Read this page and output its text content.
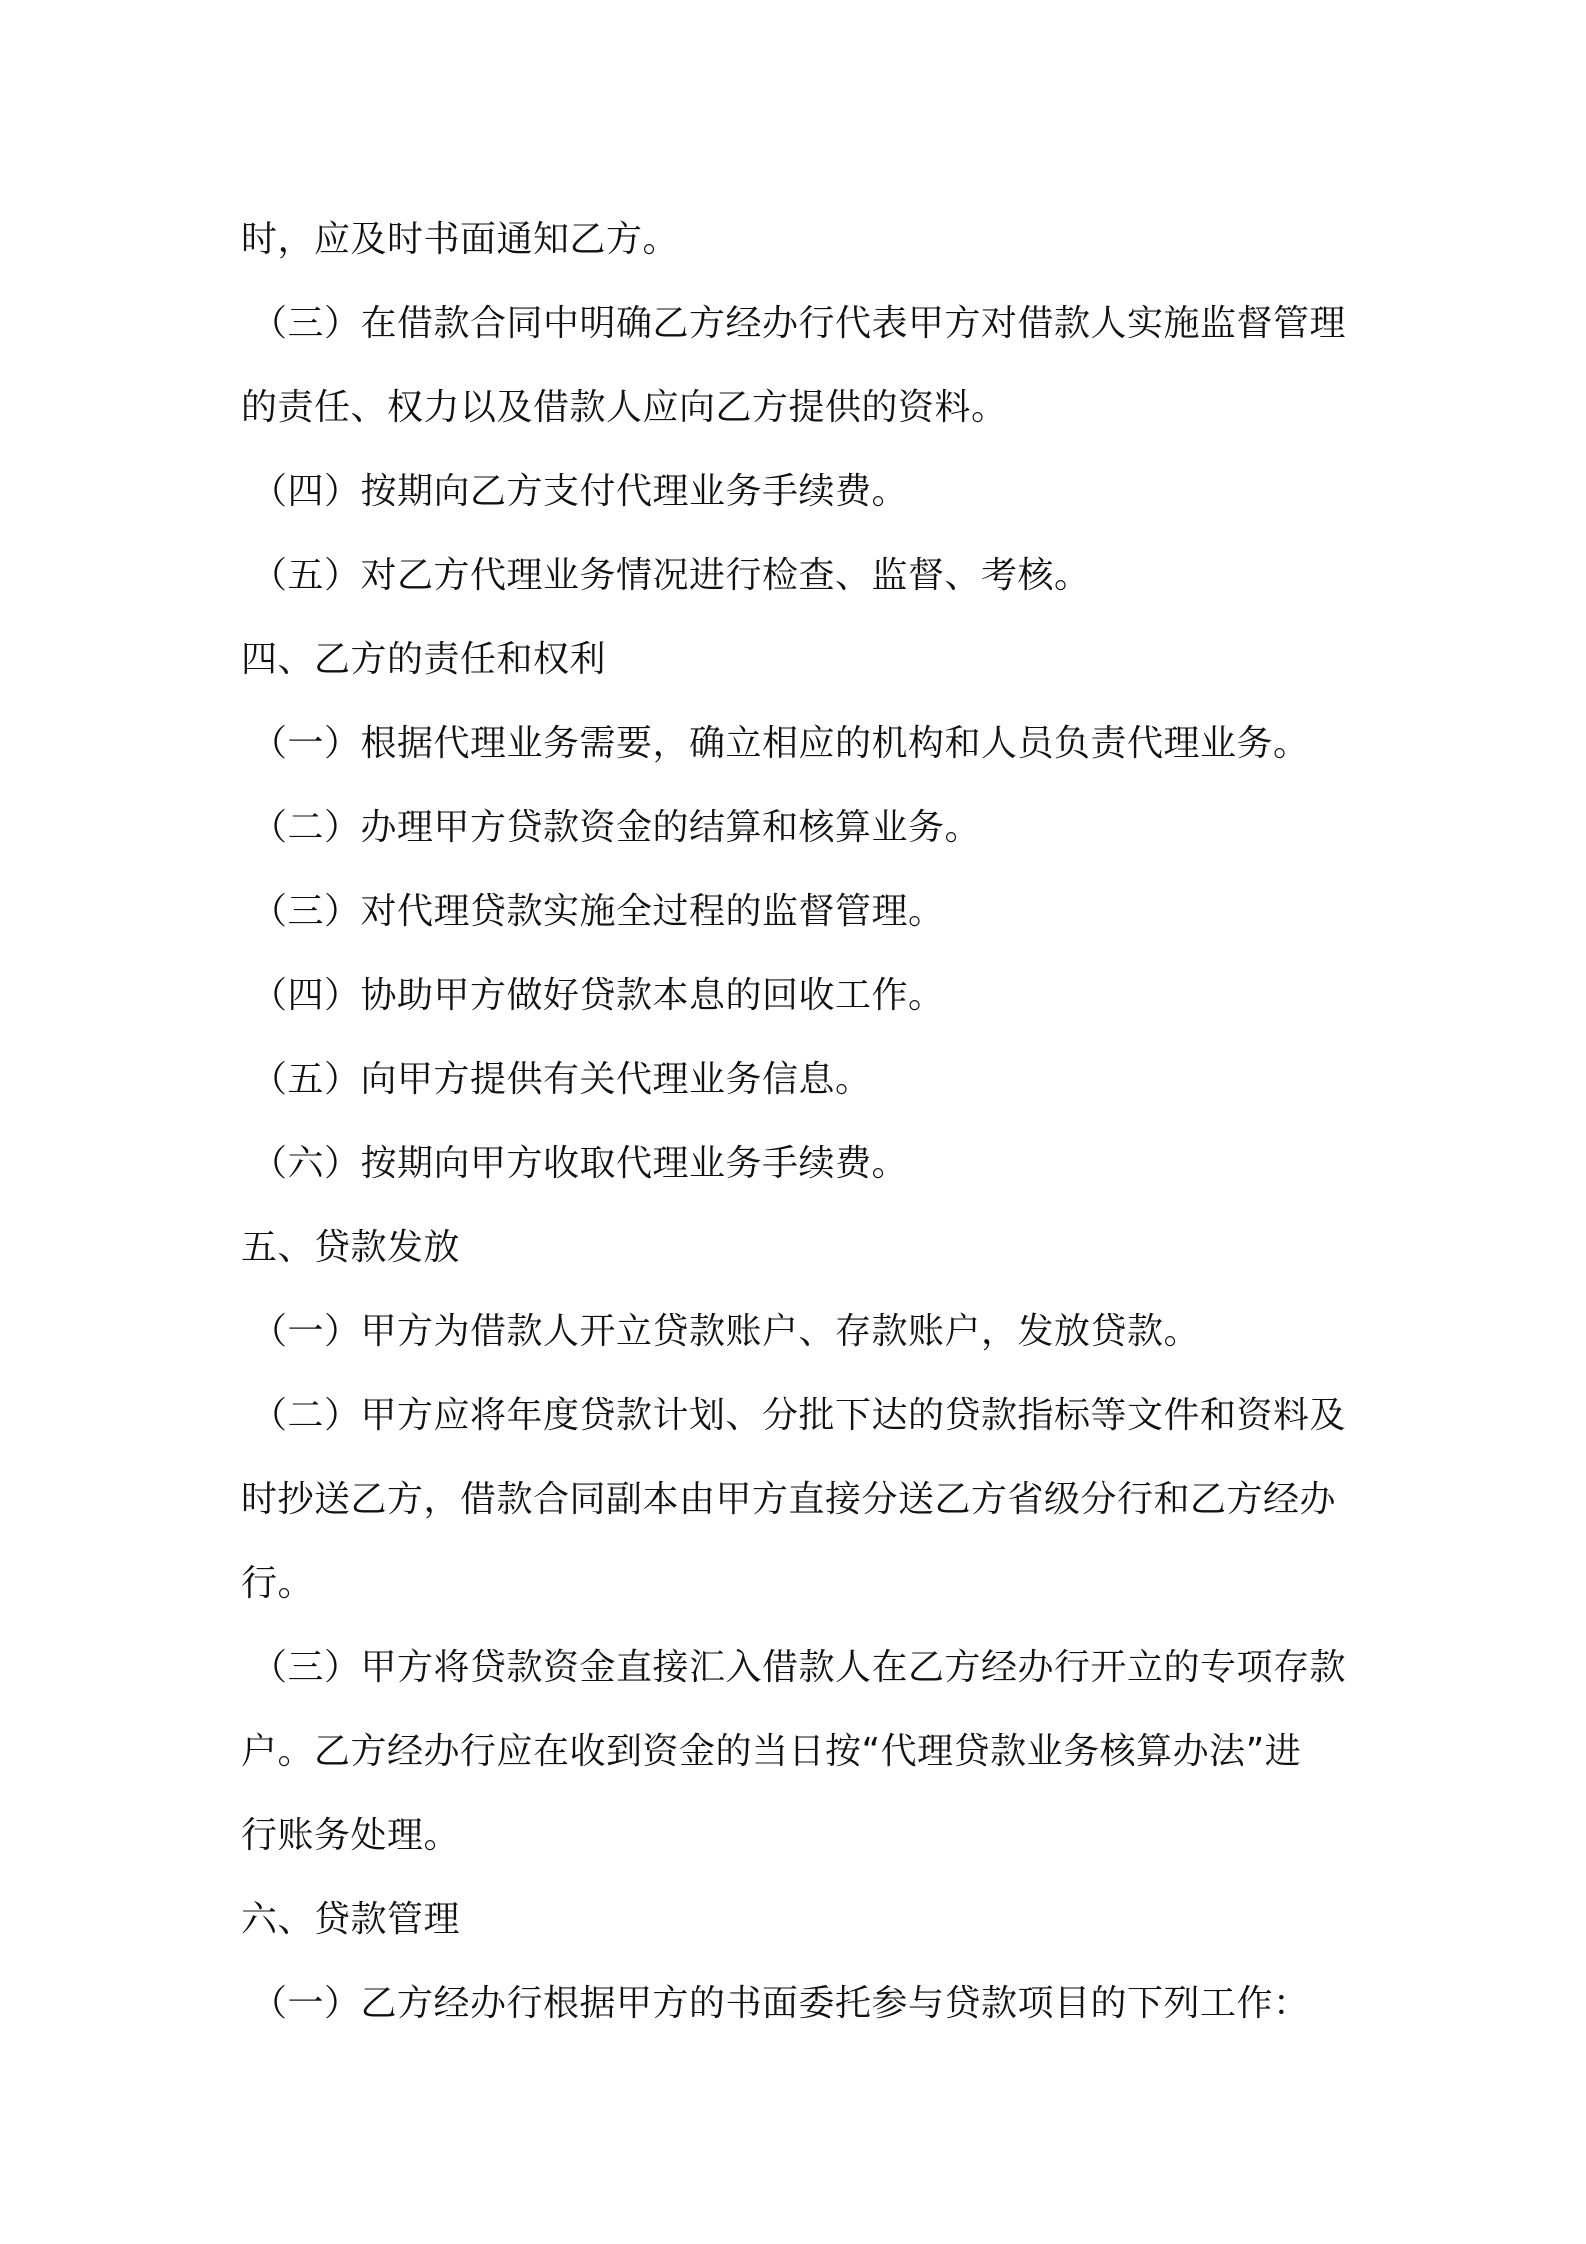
时，应及时书面通知乙方。
（三）在借款合同中明确乙方经办行代表甲方对借款人实施监督管理
的责任、权力以及借款人应向乙方提供的资料。
（四）按期向乙方支付代理业务手续费。
（五）对乙方代理业务情况进行检查、监督、考核。
四、乙方的责任和权利
（一）根据代理业务需要，确立相应的机构和人员负责代理业务。
（二）办理甲方贷款资金的结算和核算业务。
（三）对代理贷款实施全过程的监督管理。
（四）协助甲方做好贷款本息的回收工作。
（五）向甲方提供有关代理业务信息。
（六）按期向甲方收取代理业务手续费。
五、贷款发放
（一）甲方为借款人开立贷款账户、存款账户，发放贷款。
（二）甲方应将年度贷款计划、分批下达的贷款指标等文件和资料及
时抄送乙方，借款合同副本由甲方直接分送乙方省级分行和乙方经办
行。
（三）甲方将贷款资金直接汇入借款人在乙方经办行开立的专项存款
户。乙方经办行应在收到资金的当日按“代理贷款业务核算办法”进
行账务处理。
六、贷款管理
（一）乙方经办行根据甲方的书面委托参与贷款项目的下列工作：
